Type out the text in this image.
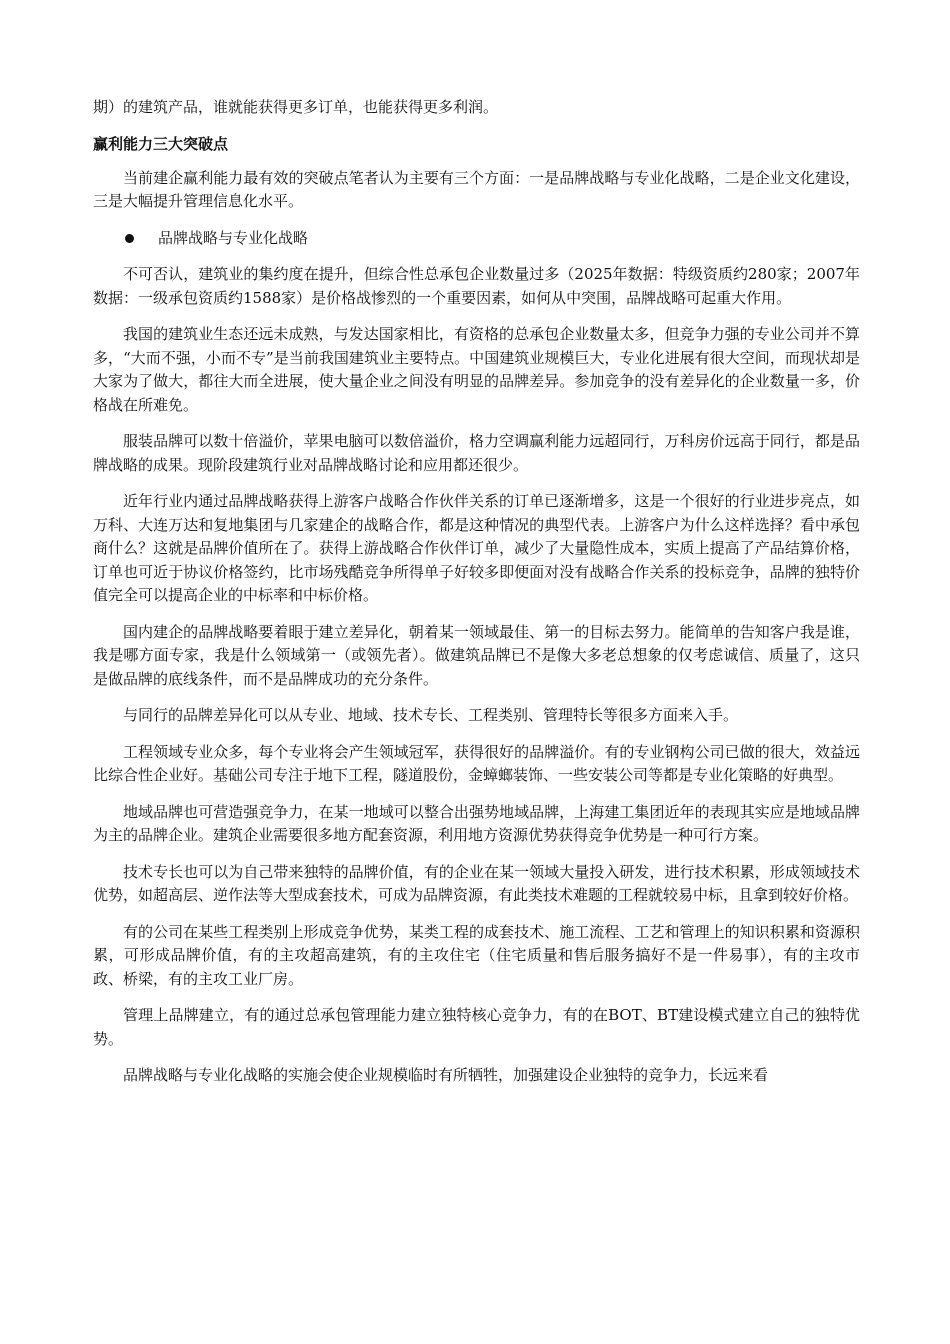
期）的建筑产品，谁就能获得更多订单，也能获得更多利润。

赢利能力三大突破点

当前建企赢利能力最有效的突破点笔者认为主要有三个方面：一是品牌战略与专业化战略，二是企业文化建设，三是大幅提升管理信息化水平。

品牌战略与专业化战略

不可否认，建筑业的集约度在提升，但综合性总承包企业数量过多（2025年数据：特级资质约280家；2007年数据：一级承包资质约1588家）是价格战惨烈的一个重要因素，如何从中突围，品牌战略可起重大作用。

我国的建筑业生态还远未成熟，与发达国家相比，有资格的总承包企业数量太多，但竞争力强的专业公司并不算多，“大而不强，小而不专”是当前我国建筑业主要特点。中国建筑业规模巨大，专业化进展有很大空间，而现状却是大家为了做大，都往大而全进展，使大量企业之间没有明显的品牌差异。参加竞争的没有差异化的企业数量一多，价格战在所难免。

服装品牌可以数十倍溢价，苹果电脑可以数倍溢价，格力空调赢利能力远超同行，万科房价远高于同行，都是品牌战略的成果。现阶段建筑行业对品牌战略讨论和应用都还很少。

近年行业内通过品牌战略获得上游客户战略合作伙伴关系的订单已逐渐增多，这是一个很好的行业进步亮点，如万科、大连万达和复地集团与几家建企的战略合作，都是这种情况的典型代表。上游客户为什么这样选择？看中承包商什么？这就是品牌价值所在了。获得上游战略合作伙伴订单，减少了大量隐性成本，实质上提高了产品结算价格，订单也可近于协议价格签约，比市场残酷竞争所得单子好较多即便面对没有战略合作关系的投标竞争，品牌的独特价值完全可以提高企业的中标率和中标价格。

国内建企的品牌战略要着眼于建立差异化，朝着某一领域最佳、第一的目标去努力。能简单的告知客户我是谁，我是哪方面专家，我是什么领域第一（或领先者）。做建筑品牌已不是像大多老总想象的仅考虑诚信、质量了，这只是做品牌的底线条件，而不是品牌成功的充分条件。

与同行的品牌差异化可以从专业、地域、技术专长、工程类别、管理特长等很多方面来入手。

工程领域专业众多，每个专业将会产生领域冠军，获得很好的品牌溢价。有的专业钢构公司已做的很大，效益远比综合性企业好。基础公司专注于地下工程，隧道股份，金蟑螂装饰、一些安装公司等都是专业化策略的好典型。

地域品牌也可营造强竞争力，在某一地域可以整合出强势地域品牌，上海建工集团近年的表现其实应是地域品牌为主的品牌企业。建筑企业需要很多地方配套资源，利用地方资源优势获得竞争优势是一种可行方案。

技术专长也可以为自己带来独特的品牌价值，有的企业在某一领域大量投入研发，进行技术积累，形成领域技术优势，如超高层、逆作法等大型成套技术，可成为品牌资源，有此类技术难题的工程就较易中标，且拿到较好价格。

有的公司在某些工程类别上形成竞争优势，某类工程的成套技术、施工流程、工艺和管理上的知识积累和资源积累，可形成品牌价值，有的主攻超高建筑，有的主攻住宅（住宅质量和售后服务搞好不是一件易事），有的主攻市政、桥梁，有的主攻工业厂房。

管理上品牌建立，有的通过总承包管理能力建立独特核心竞争力，有的在BOT、BT建设模式建立自己的独特优势。

品牌战略与专业化战略的实施会使企业规模临时有所牺牲，加强建设企业独特的竞争力，长远来看
